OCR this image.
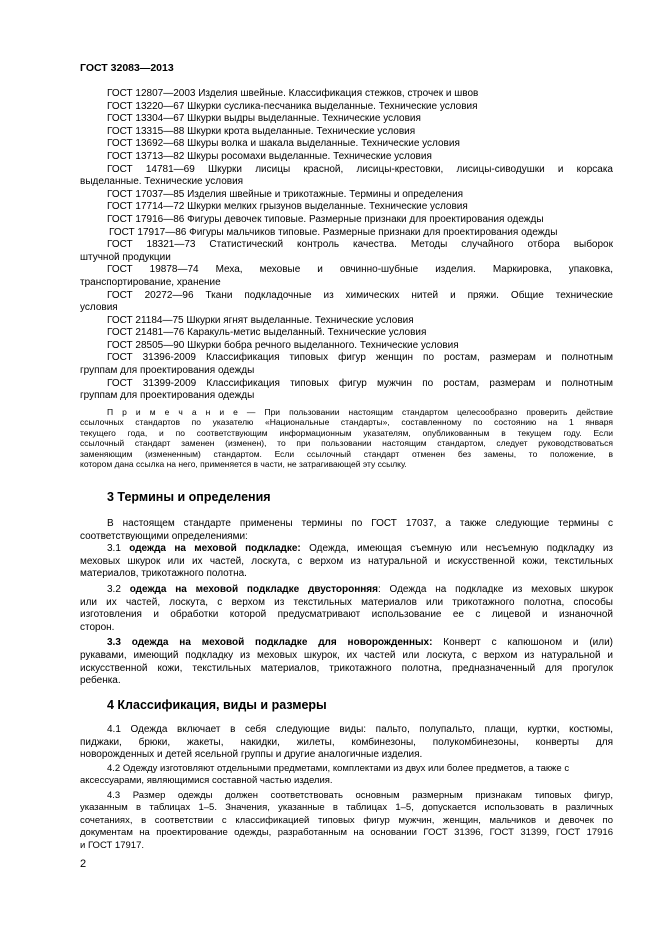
ГОСТ 32083—2013
ГОСТ 12807—2003 Изделия швейные. Классификация стежков, строчек и швов
ГОСТ 13220—67 Шкурки суслика-песчаника выделанные. Технические условия
ГОСТ 13304—67 Шкурки выдры выделанные. Технические условия
ГОСТ 13315—88 Шкурки крота выделанные. Технические условия
ГОСТ 13692—68 Шкуры волка и шакала выделанные. Технические условия
ГОСТ 13713—82 Шкуры росомахи выделанные. Технические условия
ГОСТ 14781—69 Шкурки лисицы красной, лисицы-крестовки, лисицы-сиводушки и корсака
выделанные. Технические условия
ГОСТ 17037—85 Изделия швейные и трикотажные. Термины и определения
ГОСТ 17714—72 Шкурки мелких грызунов выделанные. Технические условия
ГОСТ 17916—86 Фигуры девочек типовые. Размерные признаки для проектирования одежды
ГОСТ 17917—86 Фигуры мальчиков типовые. Размерные признаки для проектирования одежды
ГОСТ 18321—73 Статистический контроль качества. Методы случайного отбора выборок
штучной продукции
ГОСТ 19878—74 Меха, меховые и овчинно-шубные изделия. Маркировка, упаковка,
транспортирование, хранение
ГОСТ 20272—96 Ткани подкладочные из химических нитей и пряжи. Общие технические
условия
ГОСТ 21184—75 Шкурки ягнят выделанные. Технические условия
ГОСТ 21481—76 Каракуль-метис выделанный. Технические условия
ГОСТ 28505—90 Шкурки бобра речного выделанного. Технические условия
ГОСТ 31396-2009 Классификация типовых фигур женщин по ростам, размерам и полнотным
группам для проектирования одежды
ГОСТ 31399-2009 Классификация типовых фигур мужчин по ростам, размерам и полнотным
группам для проектирования одежды
П р и м е ч а н и е — При пользовании настоящим стандартом целесообразно проверить действие
ссылочных стандартов по указателю «Национальные стандарты», составленному по состоянию на 1 января
текущего года, и по соответствующим информационным указателям, опубликованным в текущем году. Если
ссылочный стандарт заменен (изменен), то при пользовании настоящим стандартом, следует руководствоваться
заменяющим (измененным) стандартом. Если ссылочный стандарт отменен без замены, то положение, в
котором дана ссылка на него, применяется в части, не затрагивающей эту ссылку.
3 Термины и определения
В настоящем стандарте применены термины по ГОСТ 17037, а также следующие термины с
соответствующими определениями:
3.1 одежда на меховой подкладке: Одежда, имеющая съемную или несъемную подкладку из
меховых шкурок или их частей, лоскута, с верхом из натуральной и искусственной кожи, текстильных
материалов, трикотажного полотна.
3.2 одежда на меховой подкладке двусторонняя: Одежда на подкладке из меховых шкурок
или их частей, лоскута, с верхом из текстильных материалов или трикотажного полотна, способы
изготовления и обработки которой предусматривают использование ее с лицевой и изнаночной
сторон.
3.3 одежда на меховой подкладке для новорожденных: Конверт с капюшоном и (или)
рукавами, имеющий подкладку из меховых шкурок, их частей или лоскута, с верхом из натуральной и
искусственной кожи, текстильных материалов, трикотажного полотна, предназначенный для прогулок
ребенка.
4 Классификация, виды и размеры
4.1 Одежда включает в себя следующие виды: пальто, полупальто, плащи, куртки, костюмы,
пиджаки, брюки, жакеты, накидки, жилеты, комбинезоны, полукомбинезоны, конверты для
новорожденных и детей ясельной группы и другие аналогичные изделия.
4.2 Одежду изготовляют отдельными предметами, комплектами из двух или более предметов, а также с
аксессуарами, являющимися составной частью изделия.
4.3 Размер одежды должен соответствовать основным размерным признакам типовых фигур,
указанным в таблицах 1–5. Значения, указанные в таблицах 1–5, допускается использовать в различных
сочетаниях, в соответствии с классификацией типовых фигур мужчин, женщин, мальчиков и девочек по
документам на проектирование одежды, разработанным на основании ГОСТ 31396, ГОСТ 31399, ГОСТ 17916
и ГОСТ 17917.
2
